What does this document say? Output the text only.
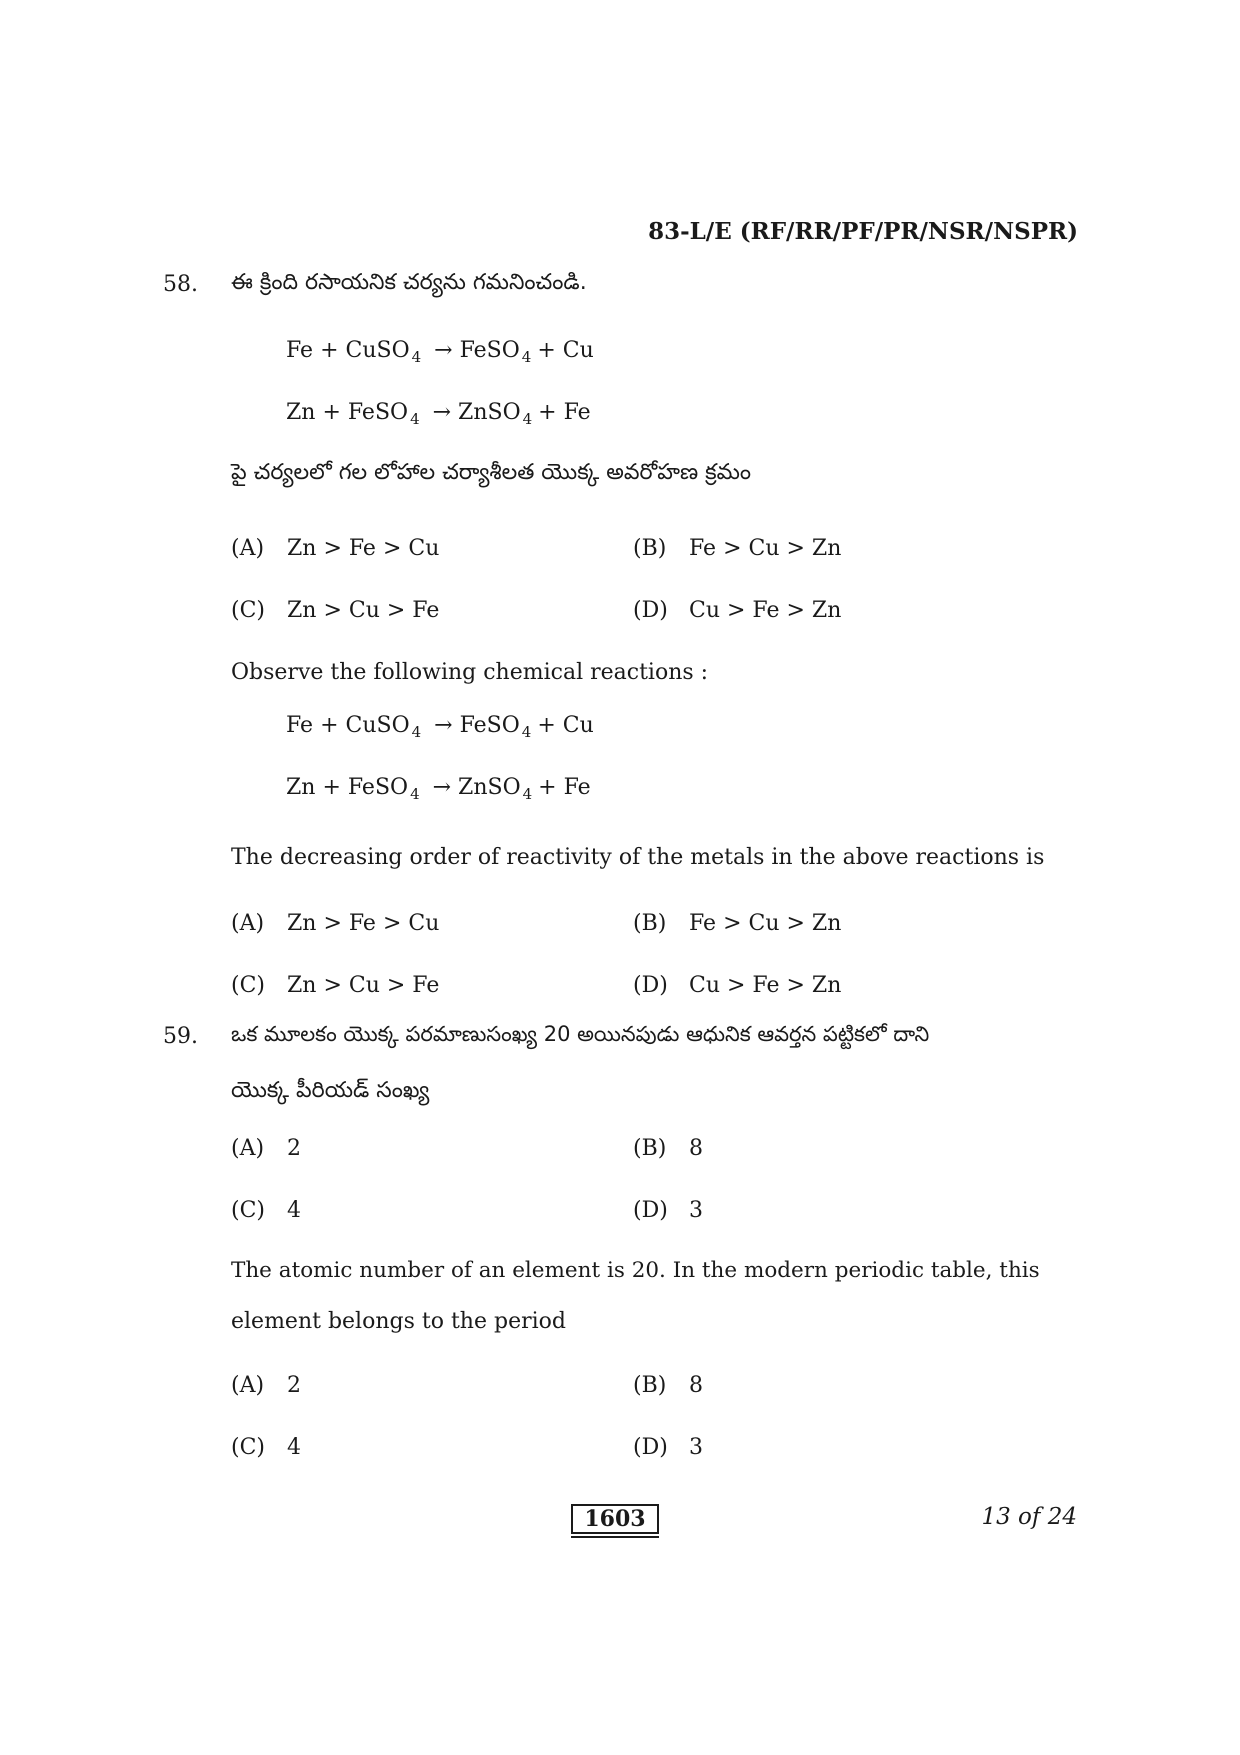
83-L/E (RF/RR/PF/PR/NSR/NSPR)
58. ఈ క్రింది రసాయనిక చర్యను గమనించండి.
Fe + CuSO $_4$ → FeSO $_4$ + Cu
Zn + FeSO $_4$ → ZnSO $_4$ + Fe
పై చర్యలలో గల లోహాల చర్యాశీలత యొక్క అవరోహణ క్రమం
(A) Zn > Fe > Cu	(B) Fe > Cu > Zn
(C) Zn > Cu > Fe	(D) Cu > Fe > Zn
Observe the following chemical reactions :
Fe + CuSO $_4$ → FeSO $_4$ + Cu
Zn + FeSO $_4$ → ZnSO $_4$ + Fe
The decreasing order of reactivity of the metals in the above reactions is
(A) Zn > Fe > Cu	(B) Fe > Cu > Zn
(C) Zn > Cu > Fe	(D) Cu > Fe > Zn
59. ఒక మూలకం యొక్క పరమాణుసంఖ్య 20 అయినపుడు ఆధునిక ఆవర్తన పట్టికలో దాని
యొక్క పీరియడ్ సంఖ్య
(A) 2	(B) 8
(C) 4	(D) 3
The atomic number of an element is 20. In the modern periodic table, this
element belongs to the period
(A) 2	(B) 8
(C) 4	(D) 3
1603	13 of 24
